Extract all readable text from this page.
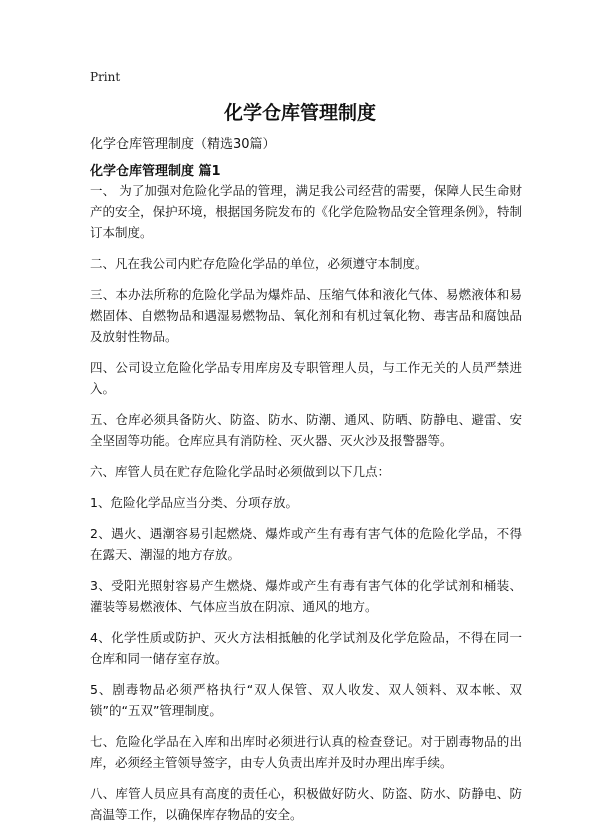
Print
化学仓库管理制度

化学仓库管理制度（精选30篇）

化学仓库管理制度 篇1

一、 为了加强对危险化学品的管理，满足我公司经营的需要，保障人民生命财产的安全，保护环境，根据国务院发布的《化学危险物品安全管理条例》，特制订本制度。

二、凡在我公司内贮存危险化学品的单位，必须遵守本制度。

三、本办法所称的危险化学品为爆炸品、压缩气体和液化气体、易燃液体和易燃固体、自燃物品和遇湿易燃物品、氧化剂和有机过氧化物、毒害品和腐蚀品及放射性物品。

四、公司设立危险化学品专用库房及专职管理人员，与工作无关的人员严禁进入。

五、仓库必须具备防火、防盗、防水、防潮、通风、防晒、防静电、避雷、安全坚固等功能。仓库应具有消防栓、灭火器、灭火沙及报警器等。

六、库管人员在贮存危险化学品时必须做到以下几点：

1、危险化学品应当分类、分项存放。

2、遇火、遇潮容易引起燃烧、爆炸或产生有毒有害气体的危险化学品，不得在露天、潮湿的地方存放。

3、受阳光照射容易产生燃烧、爆炸或产生有毒有害气体的化学试剂和桶装、灌装等易燃液体、气体应当放在阴凉、通风的地方。

4、化学性质或防护、灭火方法相抵触的化学试剂及化学危险品，不得在同一仓库和同一储存室存放。

5、剧毒物品必须严格执行“双人保管、双人收发、双人领料、双本帐、双锁”的“五双”管理制度。

七、危险化学品在入库和出库时必须进行认真的检查登记。对于剧毒物品的出库，必须经主管领导签字，由专人负责出库并及时办理出库手续。

八、库管人员应具有高度的责任心，积极做好防火、防盗、防水、防静电、防高温等工作，以确保库存物品的安全。
